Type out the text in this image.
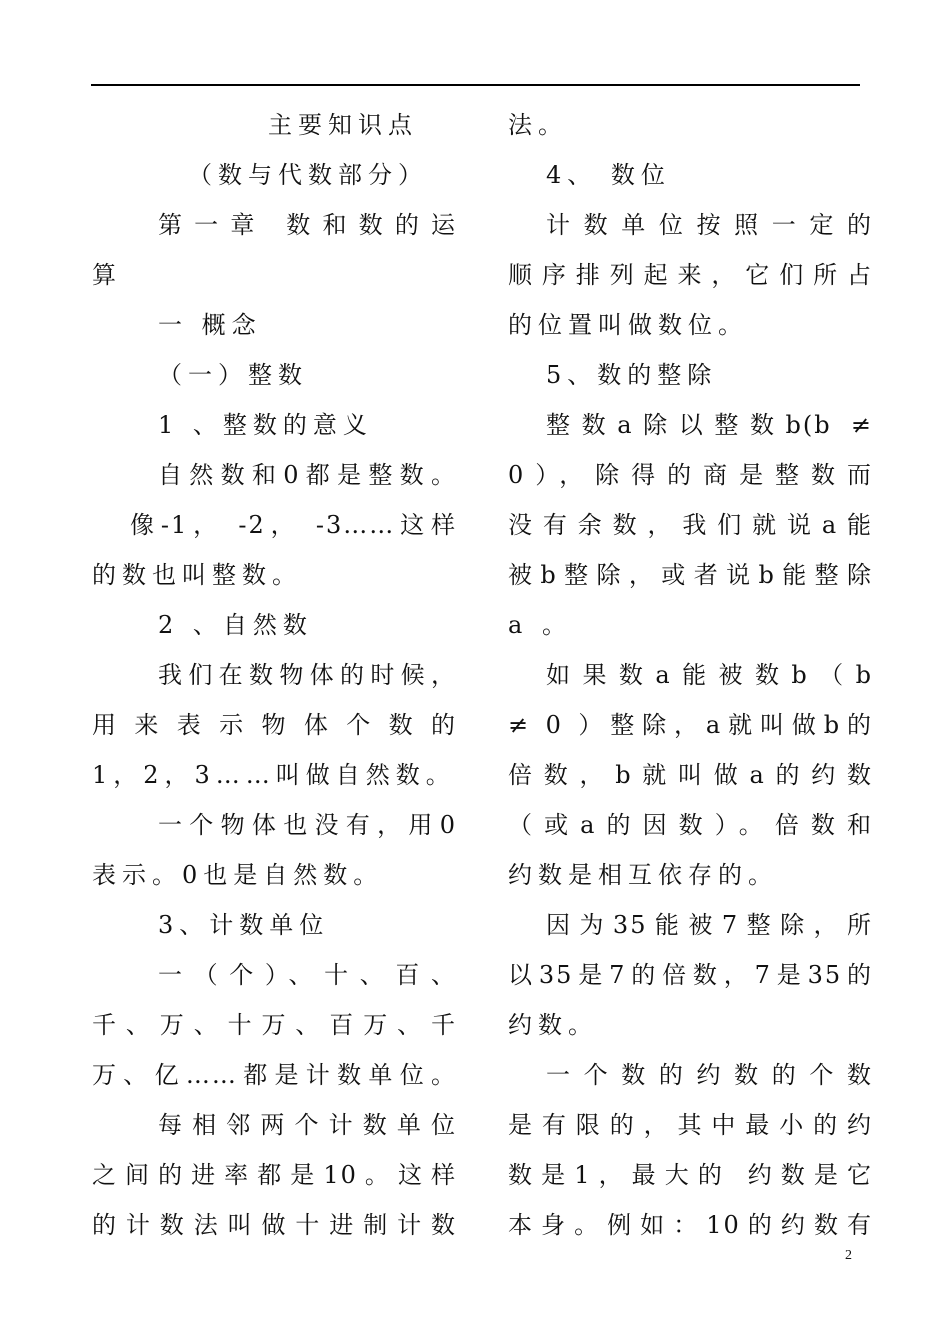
主要知识点
（数与代数部分）
第一章 数和数的运
算
一 概念
（一）整数
1 、整数的意义
自然数和0都是整数。
像-1， -2， -3……这样
的数也叫整数。
2 、自然数
我们在数物体的时候，
用来表示物体个数的
1，2，3……叫做自然数。
一个物体也没有，用0
表示。0也是自然数。
3、计数单位
一（个）、十、百、
千、万、十万、百万、千
万、亿……都是计数单位。
每相邻两个计数单位
之间的进率都是10。这样
的计数法叫做十进制计数
法。
4、 数位
计数单位按照一定的
顺序排列起来，它们所占
的位置叫做数位。
5、数的整除
整数a除以整数b(b ≠
0），除得的商是整数而
没有余数，我们就说a能
被b整除，或者说b能整除
a 。
如果数a能被数b（b
≠ 0 ）整除，a就叫做b的
倍数，b就叫做a的约数
（或a的因数）。倍数和
约数是相互依存的。
因为35能被7整除，所
以35是7的倍数，7是35的
约数。
一个数的约数的个数
是有限的，其中最小的约
数是1，最大的 约数是它
本身。例如：10的约数有
2
